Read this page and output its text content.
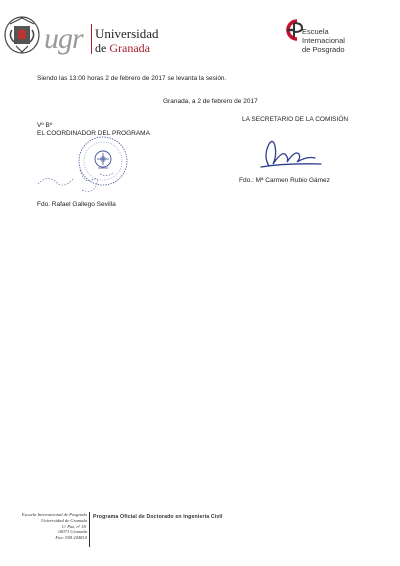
ugr Universidad
de Granada
Escuela
Internacional
de Posgrado
Siendo las 13:00 horas 2 de febrero de 2017 se levanta la sesión.
Granada, a 2 de febrero de 2017
LA SECRETARIO DE LA COMISIÓN
Vº Bº
EL COORDINADOR DEL PROGRAMA
Fdo.: Mª Carmen Rubio Gámez
Fdo. Rafael Gallego Sevilla
Escuela Internacional de Posgrado
Universidad de Granada
C/ Paz, nº 18.
18071 Granada
Fax: 958 244810
Programa Oficial de Doctorado en Ingeniería Civil
